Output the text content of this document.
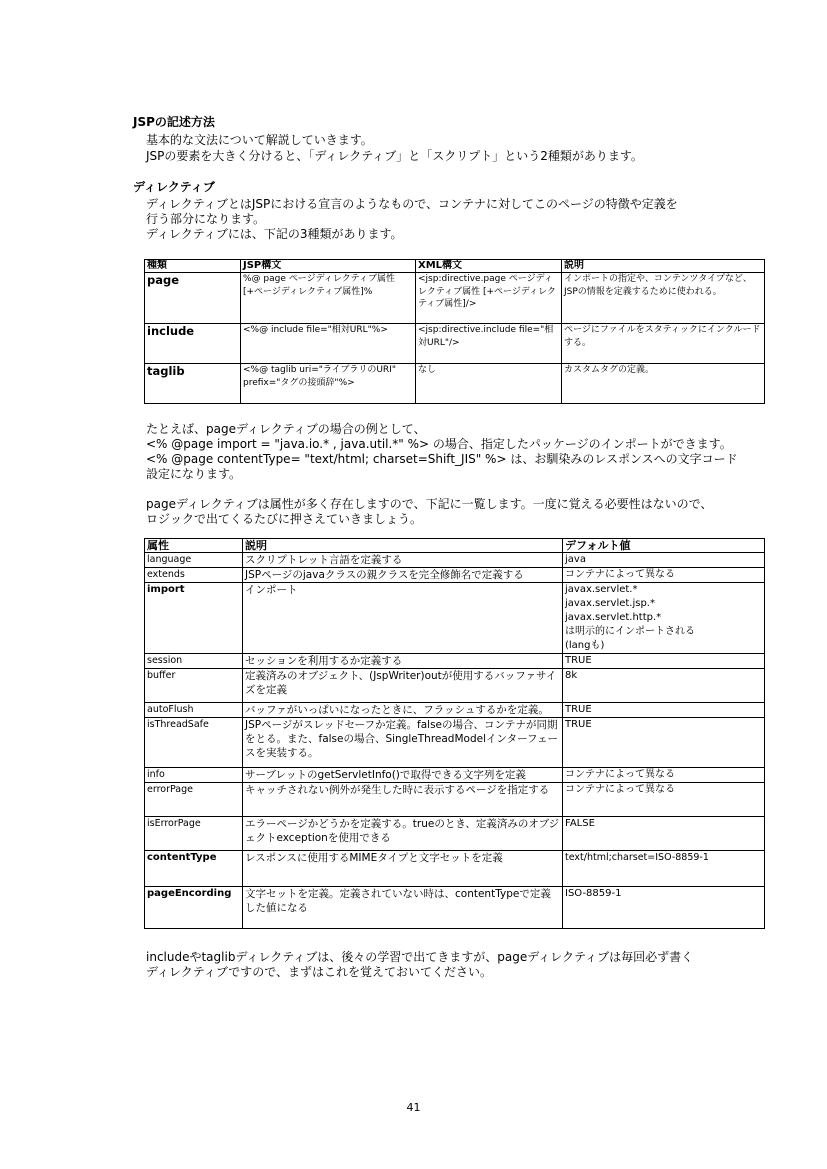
JSPの記述方法
基本的な文法について解説していきます。
JSPの要素を大きく分けると、「ディレクティブ」と「スクリプト」という2種類があります。
ディレクティブ
ディレクティブとはJSPにおける宣言のようなもので、コンテナに対してこのページの特徴や定義を
行う部分になります。
ディレクティブには、下記の3種類があります。
種類	JSP構文	XML構文	説明
page	%@ page ページディレクティブ属性 [+ページディレクティブ属性]%	<jsp:directive.page ページディレクティブ属性 [+ページディレクティブ属性]/>	インポートの指定や、コンテンツタイプなど、JSPの情報を定義するために使われる。
include	<%@ include file="相対URL"%>	<jsp:directive.include file="相対URL"/>	ページにファイルをスタティックにインクルードする。
taglib	<%@ taglib uri="ライブラリのURI" prefix="タグの接頭辞"%>	なし	カスタムタグの定義。
たとえば、pageディレクティブの場合の例として、
<% @page import = "java.io.* , java.util.*" %> の場合、指定したパッケージのインポートができます。
<% @page contentType= "text/html; charset=Shift_JIS" %> は、お馴染みのレスポンスへの文字コード
設定になります。
pageディレクティブは属性が多く存在しますので、下記に一覧します。一度に覚える必要性はないので、
ロジックで出てくるたびに押さえていきましょう。
属性	説明	デフォルト値
language	スクリプトレット言語を定義する	java
extends	JSPページのjavaクラスの親クラスを完全修飾名で定義する	コンテナによって異なる
import	インポート	javax.servlet.*
javax.servlet.jsp.*
javax.servlet.http.*
は明示的にインポートされる
(langも)
session	セッションを利用するか定義する	TRUE
buffer	定義済みのオブジェクト、(JspWriter)outが使用するバッファサイズを定義	8k
autoFlush	バッファがいっぱいになったときに、フラッシュするかを定義。	TRUE
isThreadSafe	JSPページがスレッドセーフか定義。falseの場合、コンテナが同期をとる。また、falseの場合、SingleThreadModelインターフェースを実装する。	TRUE
info	サーブレットのgetServletInfo()で取得できる文字列を定義	コンテナによって異なる
errorPage	キャッチされない例外が発生した時に表示するページを指定する	コンテナによって異なる
isErrorPage	エラーページかどうかを定義する。trueのとき、定義済みのオブジェクトexceptionを使用できる	FALSE
contentType	レスポンスに使用するMIMEタイプと文字セットを定義	text/html;charset=ISO-8859-1
pageEncording	文字セットを定義。定義されていない時は、contentTypeで定義した値になる	ISO-8859-1
includeやtaglibディレクティブは、後々の学習で出てきますが、pageディレクティブは毎回必ず書く
ディレクティブですので、まずはこれを覚えておいてください。
41
